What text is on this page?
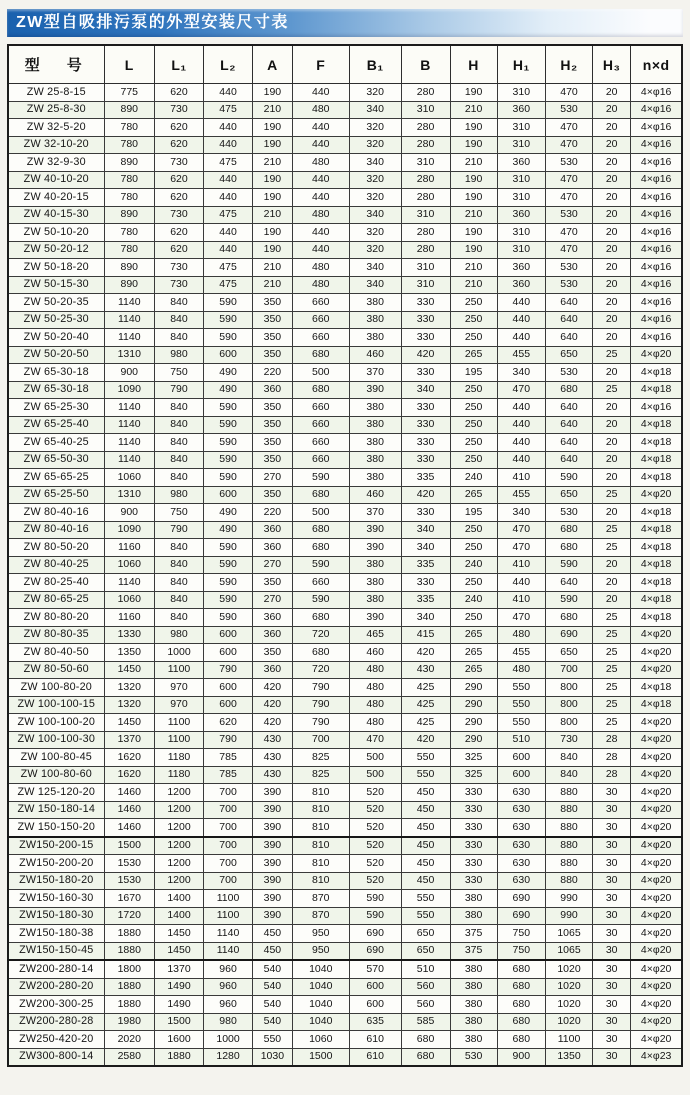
ZW型自吸排污泵的外型安装尺寸表
型　号	L	L₁	L₂	A	F	B₁	B	H	H₁	H₂	H₃	n×d
ZW 25-8-15	775	620	440	190	440	320	280	190	310	470	20	4×φ16
ZW 25-8-30	890	730	475	210	480	340	310	210	360	530	20	4×φ16
ZW 32-5-20	780	620	440	190	440	320	280	190	310	470	20	4×φ16
ZW 32-10-20	780	620	440	190	440	320	280	190	310	470	20	4×φ16
ZW 32-9-30	890	730	475	210	480	340	310	210	360	530	20	4×φ16
ZW 40-10-20	780	620	440	190	440	320	280	190	310	470	20	4×φ16
ZW 40-20-15	780	620	440	190	440	320	280	190	310	470	20	4×φ16
ZW 40-15-30	890	730	475	210	480	340	310	210	360	530	20	4×φ16
ZW 50-10-20	780	620	440	190	440	320	280	190	310	470	20	4×φ16
ZW 50-20-12	780	620	440	190	440	320	280	190	310	470	20	4×φ16
ZW 50-18-20	890	730	475	210	480	340	310	210	360	530	20	4×φ16
ZW 50-15-30	890	730	475	210	480	340	310	210	360	530	20	4×φ16
ZW 50-20-35	1140	840	590	350	660	380	330	250	440	640	20	4×φ16
ZW 50-25-30	1140	840	590	350	660	380	330	250	440	640	20	4×φ16
ZW 50-20-40	1140	840	590	350	660	380	330	250	440	640	20	4×φ16
ZW 50-20-50	1310	980	600	350	680	460	420	265	455	650	25	4×φ20
ZW 65-30-18	900	750	490	220	500	370	330	195	340	530	20	4×φ18
ZW 65-30-18	1090	790	490	360	680	390	340	250	470	680	25	4×φ18
ZW 65-25-30	1140	840	590	350	660	380	330	250	440	640	20	4×φ16
ZW 65-25-40	1140	840	590	350	660	380	330	250	440	640	20	4×φ18
ZW 65-40-25	1140	840	590	350	660	380	330	250	440	640	20	4×φ18
ZW 65-50-30	1140	840	590	350	660	380	330	250	440	640	20	4×φ18
ZW 65-65-25	1060	840	590	270	590	380	335	240	410	590	20	4×φ18
ZW 65-25-50	1310	980	600	350	680	460	420	265	455	650	25	4×φ20
ZW 80-40-16	900	750	490	220	500	370	330	195	340	530	20	4×φ18
ZW 80-40-16	1090	790	490	360	680	390	340	250	470	680	25	4×φ18
ZW 80-50-20	1160	840	590	360	680	390	340	250	470	680	25	4×φ18
ZW 80-40-25	1060	840	590	270	590	380	335	240	410	590	20	4×φ18
ZW 80-25-40	1140	840	590	350	660	380	330	250	440	640	20	4×φ18
ZW 80-65-25	1060	840	590	270	590	380	335	240	410	590	20	4×φ18
ZW 80-80-20	1160	840	590	360	680	390	340	250	470	680	25	4×φ18
ZW 80-80-35	1330	980	600	360	720	465	415	265	480	690	25	4×φ20
ZW 80-40-50	1350	1000	600	350	680	460	420	265	455	650	25	4×φ20
ZW 80-50-60	1450	1100	790	360	720	480	430	265	480	700	25	4×φ20
ZW 100-80-20	1320	970	600	420	790	480	425	290	550	800	25	4×φ18
ZW 100-100-15	1320	970	600	420	790	480	425	290	550	800	25	4×φ18
ZW 100-100-20	1450	1100	620	420	790	480	425	290	550	800	25	4×φ20
ZW 100-100-30	1370	1100	790	430	700	470	420	290	510	730	28	4×φ20
ZW 100-80-45	1620	1180	785	430	825	500	550	325	600	840	28	4×φ20
ZW 100-80-60	1620	1180	785	430	825	500	550	325	600	840	28	4×φ20
ZW 125-120-20	1460	1200	700	390	810	520	450	330	630	880	30	4×φ20
ZW 150-180-14	1460	1200	700	390	810	520	450	330	630	880	30	4×φ20
ZW 150-150-20	1460	1200	700	390	810	520	450	330	630	880	30	4×φ20
ZW150-200-15	1500	1200	700	390	810	520	450	330	630	880	30	4×φ20
ZW150-200-20	1530	1200	700	390	810	520	450	330	630	880	30	4×φ20
ZW150-180-20	1530	1200	700	390	810	520	450	330	630	880	30	4×φ20
ZW150-160-30	1670	1400	1100	390	870	590	550	380	690	990	30	4×φ20
ZW150-180-30	1720	1400	1100	390	870	590	550	380	690	990	30	4×φ20
ZW150-180-38	1880	1450	1140	450	950	690	650	375	750	1065	30	4×φ20
ZW150-150-45	1880	1450	1140	450	950	690	650	375	750	1065	30	4×φ20
ZW200-280-14	1800	1370	960	540	1040	570	510	380	680	1020	30	4×φ20
ZW200-280-20	1880	1490	960	540	1040	600	560	380	680	1020	30	4×φ20
ZW200-300-25	1880	1490	960	540	1040	600	560	380	680	1020	30	4×φ20
ZW200-280-28	1980	1500	980	540	1040	635	585	380	680	1020	30	4×φ20
ZW250-420-20	2020	1600	1000	550	1060	610	680	380	680	1100	30	4×φ20
ZW300-800-14	2580	1880	1280	1030	1500	610	680	530	900	1350	30	4×φ23
